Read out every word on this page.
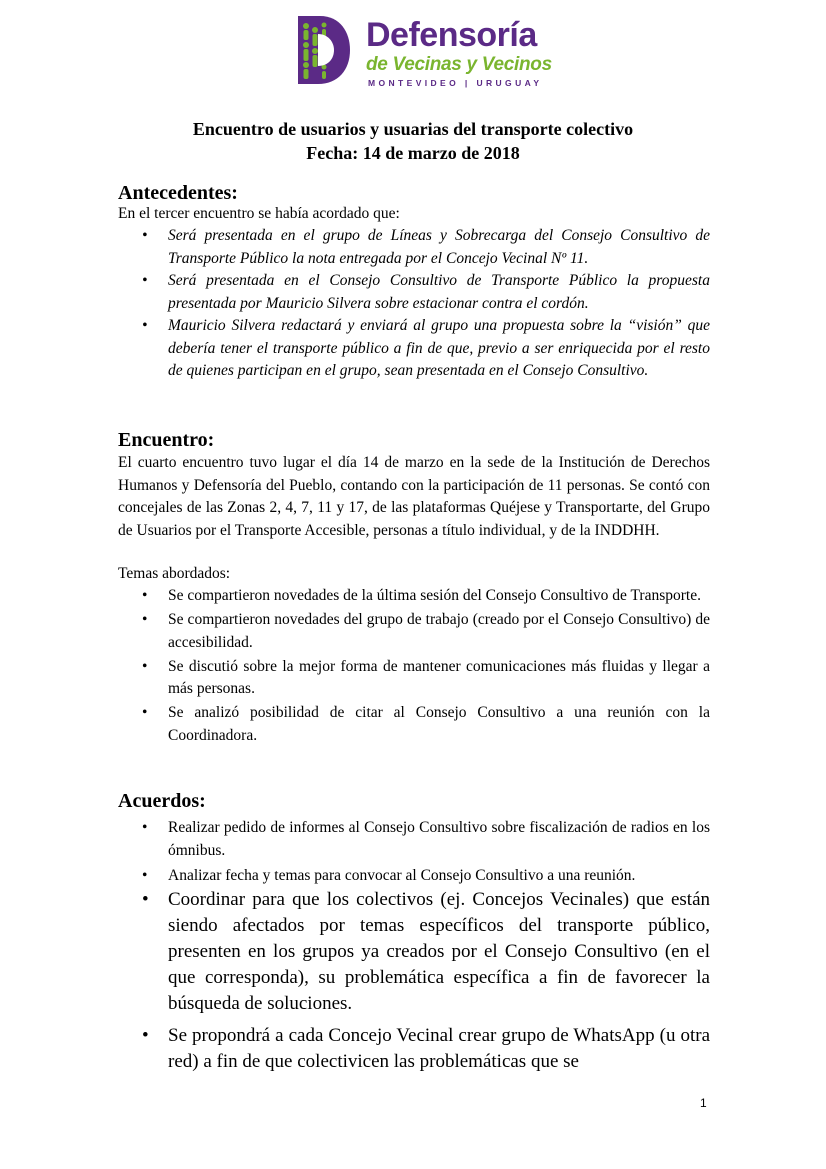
Defensoría
de Vecinas y Vecinos
MONTEVIDEO | URUGUAY
Encuentro de usuarios y usuarias del transporte colectivo
Fecha: 14 de marzo de 2018
Antecedentes:
En el tercer encuentro se había acordado que:
• Será presentada en el grupo de Líneas y Sobrecarga del Consejo Consultivo de Transporte Público la nota entregada por el Concejo Vecinal Nº 11.
• Será presentada en el Consejo Consultivo de Transporte Público la propuesta presentada por Mauricio Silvera sobre estacionar contra el cordón.
• Mauricio Silvera redactará y enviará al grupo una propuesta sobre la “visión” que debería tener el transporte público a fin de que, previo a ser enriquecida por el resto de quienes participan en el grupo, sean presentada en el Consejo Consultivo.
Encuentro:
El cuarto encuentro tuvo lugar el día 14 de marzo en la sede de la Institución de Derechos Humanos y Defensoría del Pueblo, contando con la participación de 11 personas. Se contó con concejales de las Zonas 2, 4, 7, 11 y 17, de las plataformas Quéjese y Transportarte, del Grupo de Usuarios por el Transporte Accesible, personas a título individual, y de la INDDHH.
Temas abordados:
• Se compartieron novedades de la última sesión del Consejo Consultivo de Transporte.
• Se compartieron novedades del grupo de trabajo (creado por el Consejo Consultivo) de accesibilidad.
• Se discutió sobre la mejor forma de mantener comunicaciones más fluidas y llegar a más personas.
• Se analizó posibilidad de citar al Consejo Consultivo a una reunión con la Coordinadora.
Acuerdos:
• Realizar pedido de informes al Consejo Consultivo sobre fiscalización de radios en los ómnibus.
• Analizar fecha y temas para convocar al Consejo Consultivo a una reunión.
• Coordinar para que los colectivos (ej. Concejos Vecinales) que están siendo afectados por temas específicos del transporte público, presenten en los grupos ya creados por el Consejo Consultivo (en el que corresponda), su problemática específica a fin de favorecer la búsqueda de soluciones.
• Se propondrá a cada Concejo Vecinal crear grupo de WhatsApp (u otra red) a fin de que colectivicen las problemáticas que se
1
